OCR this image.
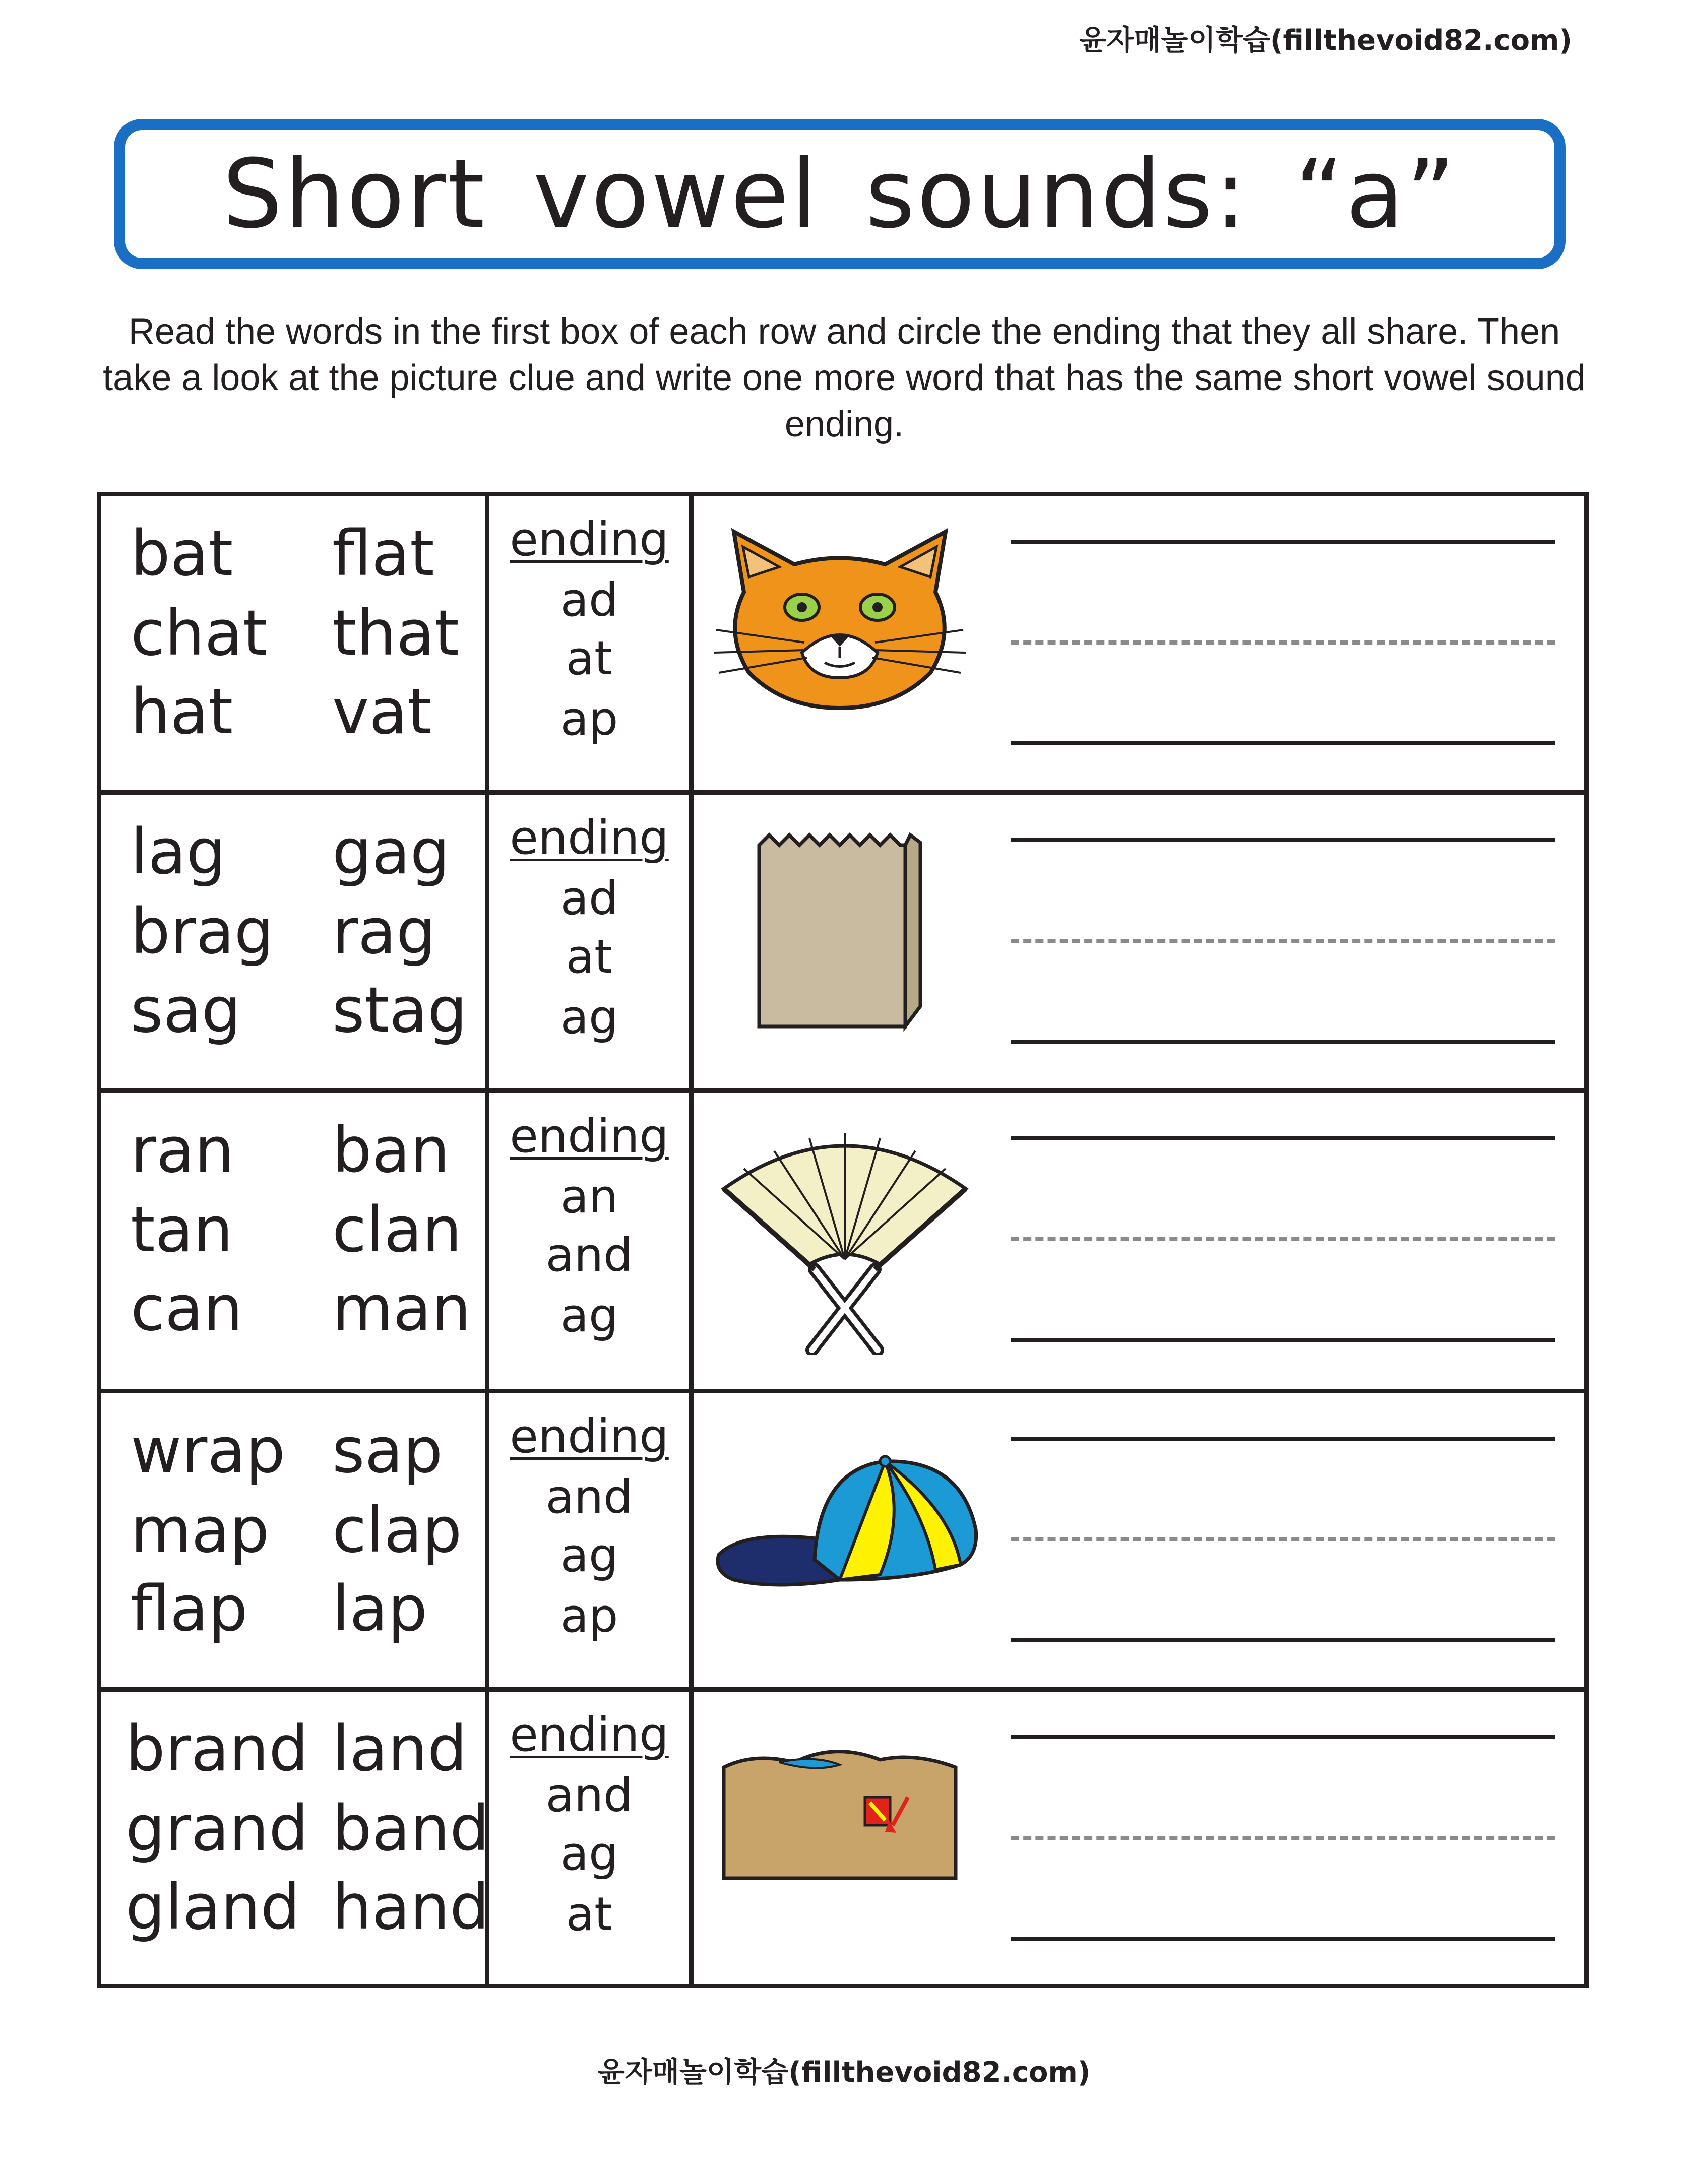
윤자매놀이학습(fillthevoid82.com)
Short vowel sounds: “a”
Read the words in the first box of each row and circle the ending that they all share. Then take a look at the picture clue and write one more word that has the same short vowel sound ending.
bat
chat
hat
flat
that
vat
ending
ad
at
ap
lag
brag
sag
gag
rag
stag
ending
ad
at
ag
ran
tan
can
ban
clan
man
ending
an
and
ag
wrap
map
flap
sap
clap
lap
ending
and
ag
ap
brand
grand
gland
land
band
hand
ending
and
ag
at
윤자매놀이학습(fillthevoid82.com)
